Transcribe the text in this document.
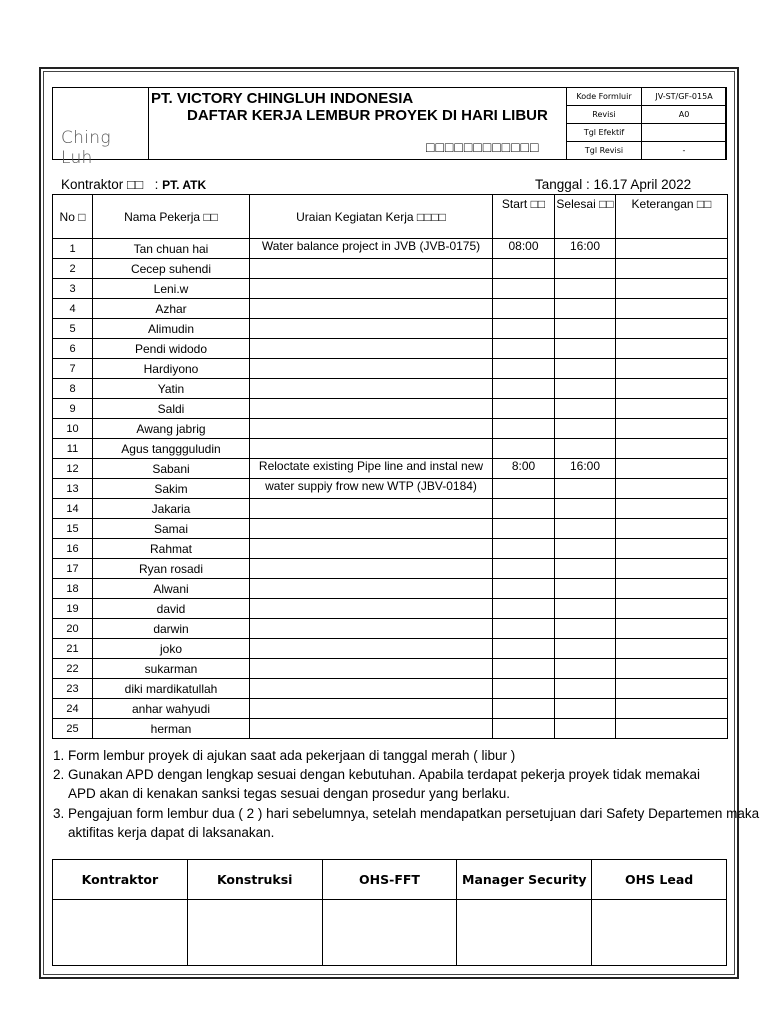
Ching Luh
PT. VICTORY CHINGLUH INDONESIA
DAFTAR KERJA LEMBUR PROYEK DI HARI LIBUR
□□□□□□□□□□□□
Kode Formluir	JV-ST/GF-015A
Revisi	A0
Tgl Efektif	
Tgl Revisi	-
Kontraktor □□ : PT. ATK	Tanggal : 16.17 April 2022
No □	Nama Pekerja □□	Uraian Kegiatan Kerja □□□□	Start □□	Selesai □□	Keterangan □□
1	Tan chuan hai	Water balance project in JVB (JVB-0175)	08:00	16:00	
2	Cecep suhendi				
3	Leni.w				
4	Azhar				
5	Alimudin				
6	Pendi widodo				
7	Hardiyono				
8	Yatin				
9	Saldi				
10	Awang jabrig				
11	Agus tanggguludin				
12	Sabani	Reloctate existing Pipe line and instal new	8:00	16:00	
13	Sakim	water suppiy frow new WTP (JBV-0184)			
14	Jakaria				
15	Samai				
16	Rahmat				
17	Ryan rosadi				
18	Alwani				
19	david				
20	darwin				
21	joko				
22	sukarman				
23	diki mardikatullah				
24	anhar wahyudi				
25	herman				
1. Form lembur proyek di ajukan saat ada pekerjaan di tanggal merah ( libur )
2. Gunakan APD dengan lengkap sesuai dengan kebutuhan. Apabila terdapat pekerja proyek tidak memakai
APD akan di kenakan sanksi tegas sesuai dengan prosedur yang berlaku.
3. Pengajuan form lembur dua ( 2 ) hari sebelumnya, setelah mendapatkan persetujuan dari Safety Departemen maka
aktifitas kerja dapat di laksanakan.
Kontraktor	Konstruksi	OHS-FFT	Manager Security	OHS Lead
